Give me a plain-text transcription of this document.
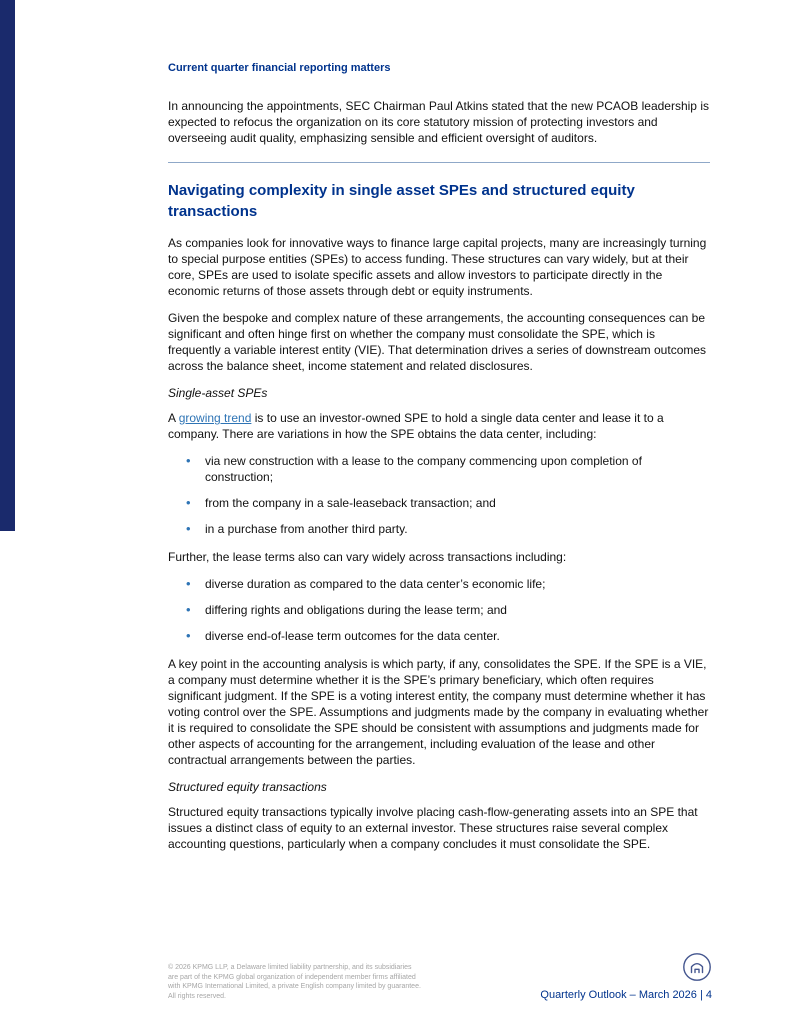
Current quarter financial reporting matters

In announcing the appointments, SEC Chairman Paul Atkins stated that the new PCAOB leadership is expected to refocus the organization on its core statutory mission of protecting investors and overseeing audit quality, emphasizing sensible and efficient oversight of auditors.

Navigating complexity in single asset SPEs and structured equity transactions

As companies look for innovative ways to finance large capital projects, many are increasingly turning to special purpose entities (SPEs) to access funding. These structures can vary widely, but at their core, SPEs are used to isolate specific assets and allow investors to participate directly in the economic returns of those assets through debt or equity instruments.

Given the bespoke and complex nature of these arrangements, the accounting consequences can be significant and often hinge first on whether the company must consolidate the SPE, which is frequently a variable interest entity (VIE). That determination drives a series of downstream outcomes across the balance sheet, income statement and related disclosures.

Single-asset SPEs

A growing trend is to use an investor-owned SPE to hold a single data center and lease it to a company. There are variations in how the SPE obtains the data center, including:

• via new construction with a lease to the company commencing upon completion of construction;
• from the company in a sale-leaseback transaction; and
• in a purchase from another third party.

Further, the lease terms also can vary widely across transactions including:

• diverse duration as compared to the data center’s economic life;
• differing rights and obligations during the lease term; and
• diverse end-of-lease term outcomes for the data center.

A key point in the accounting analysis is which party, if any, consolidates the SPE. If the SPE is a VIE, a company must determine whether it is the SPE’s primary beneficiary, which often requires significant judgment. If the SPE is a voting interest entity, the company must determine whether it has voting control over the SPE. Assumptions and judgments made by the company in evaluating whether it is required to consolidate the SPE should be consistent with assumptions and judgments made for other aspects of accounting for the arrangement, including evaluation of the lease and other contractual arrangements between the parties.

Structured equity transactions

Structured equity transactions typically involve placing cash-flow-generating assets into an SPE that issues a distinct class of equity to an external investor. These structures raise several complex accounting questions, particularly when a company concludes it must consolidate the SPE.

© 2026 KPMG LLP, a Delaware limited liability partnership, and its subsidiaries
are part of the KPMG global organization of independent member firms affiliated
with KPMG International Limited, a private English company limited by guarantee.
All rights reserved.	Quarterly Outlook – March 2026 | 4
